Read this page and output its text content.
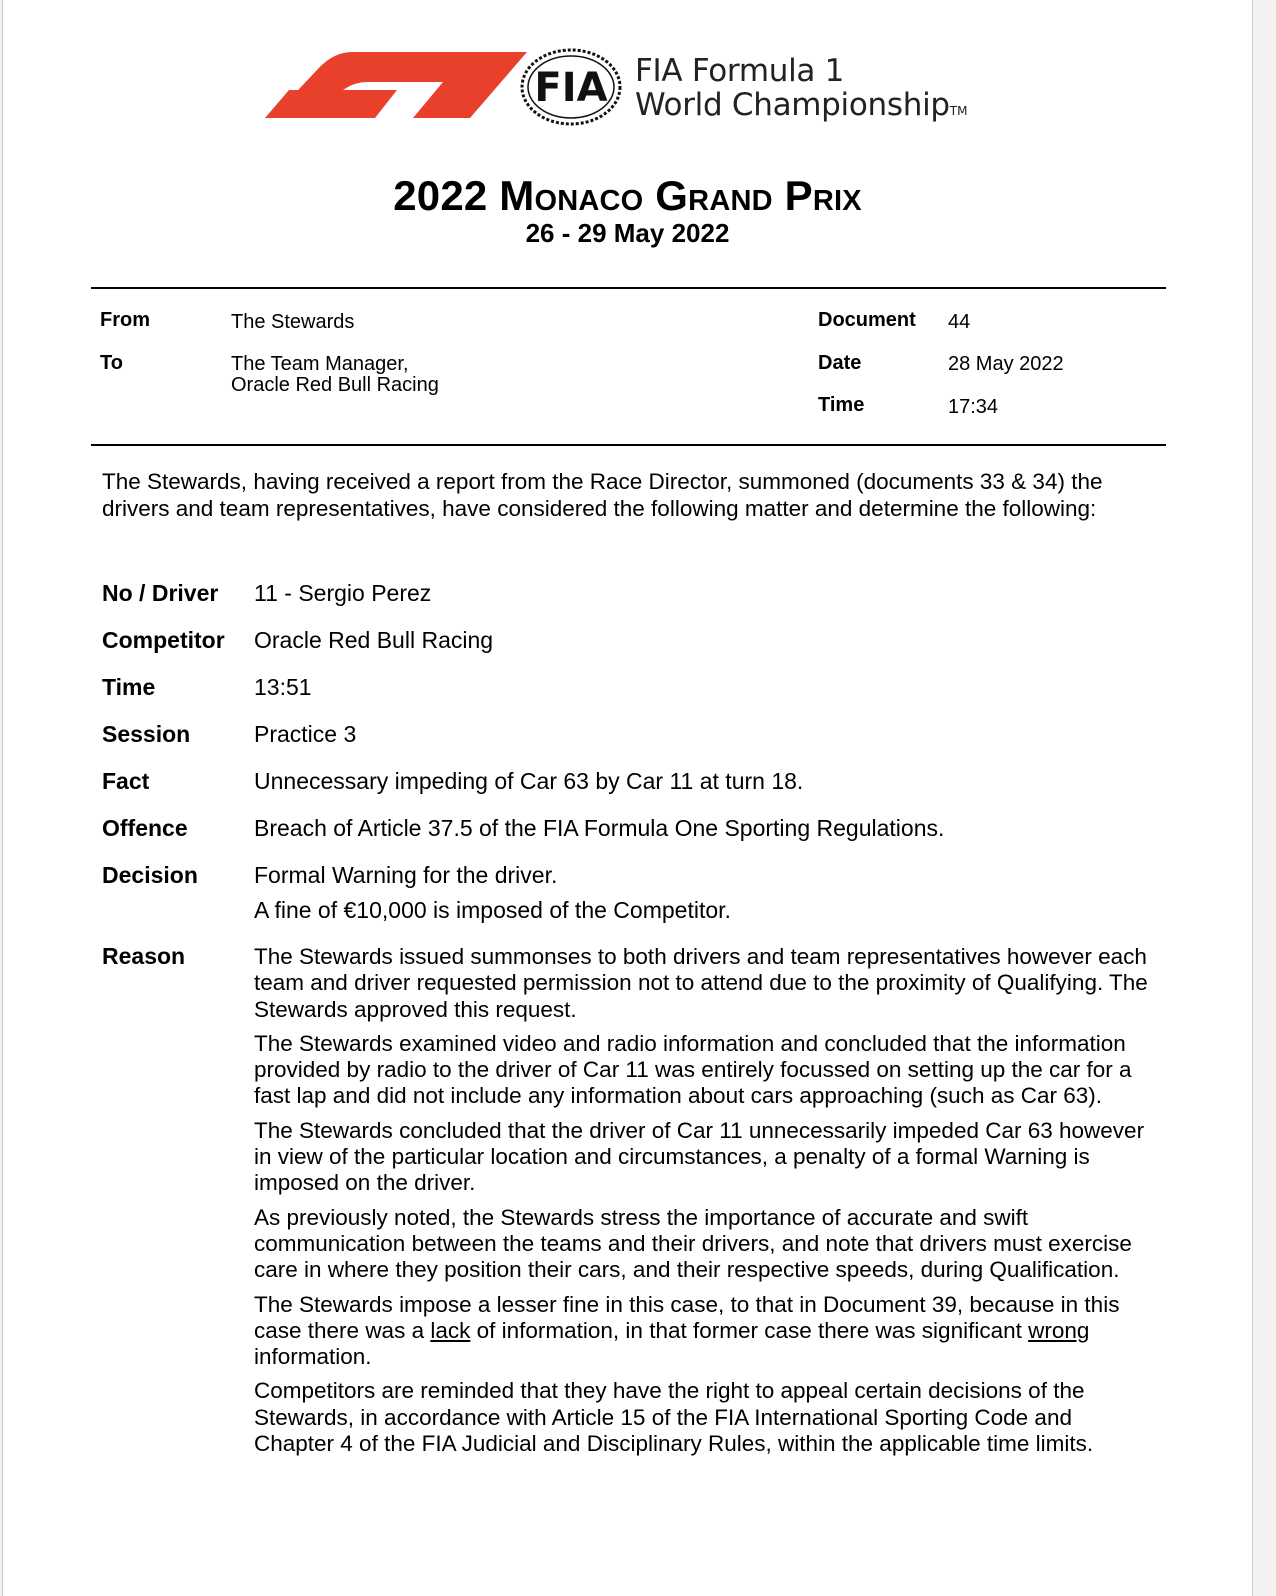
FIA FIA Formula 1
World ChampionshipTM
2022 Monaco Grand Prix
26 - 29 May 2022
From	The Stewards
To	The Team Manager,
Oracle Red Bull Racing
Document 44
Date	28 May 2022
Time	17:34
The Stewards, having received a report from the Race Director, summoned (documents 33 & 34) the drivers and team representatives, have considered the following matter and determine the following:
No / Driver 11 - Sergio Perez
Competitor Oracle Red Bull Racing
Time	13:51
Session	Practice 3
Fact	Unnecessary impeding of Car 63 by Car 11 at turn 18.
Offence	Breach of Article 37.5 of the FIA Formula One Sporting Regulations.
Decision Formal Warning for the driver.
A fine of €10,000 is imposed of the Competitor.
Reason	The Stewards issued summonses to both drivers and team representatives however each team and driver requested permission not to attend due to the proximity of Qualifying. The Stewards approved this request.

The Stewards examined video and radio information and concluded that the information provided by radio to the driver of Car 11 was entirely focussed on setting up the car for a fast lap and did not include any information about cars approaching (such as Car 63).

The Stewards concluded that the driver of Car 11 unnecessarily impeded Car 63 however in view of the particular location and circumstances, a penalty of a formal Warning is imposed on the driver.

As previously noted, the Stewards stress the importance of accurate and swift communication between the teams and their drivers, and note that drivers must exercise care in where they position their cars, and their respective speeds, during Qualification.

The Stewards impose a lesser fine in this case, to that in Document 39, because in this case there was a lack of information, in that former case there was significant wrong information.

Competitors are reminded that they have the right to appeal certain decisions of the Stewards, in accordance with Article 15 of the FIA International Sporting Code and Chapter 4 of the FIA Judicial and Disciplinary Rules, within the applicable time limits.
